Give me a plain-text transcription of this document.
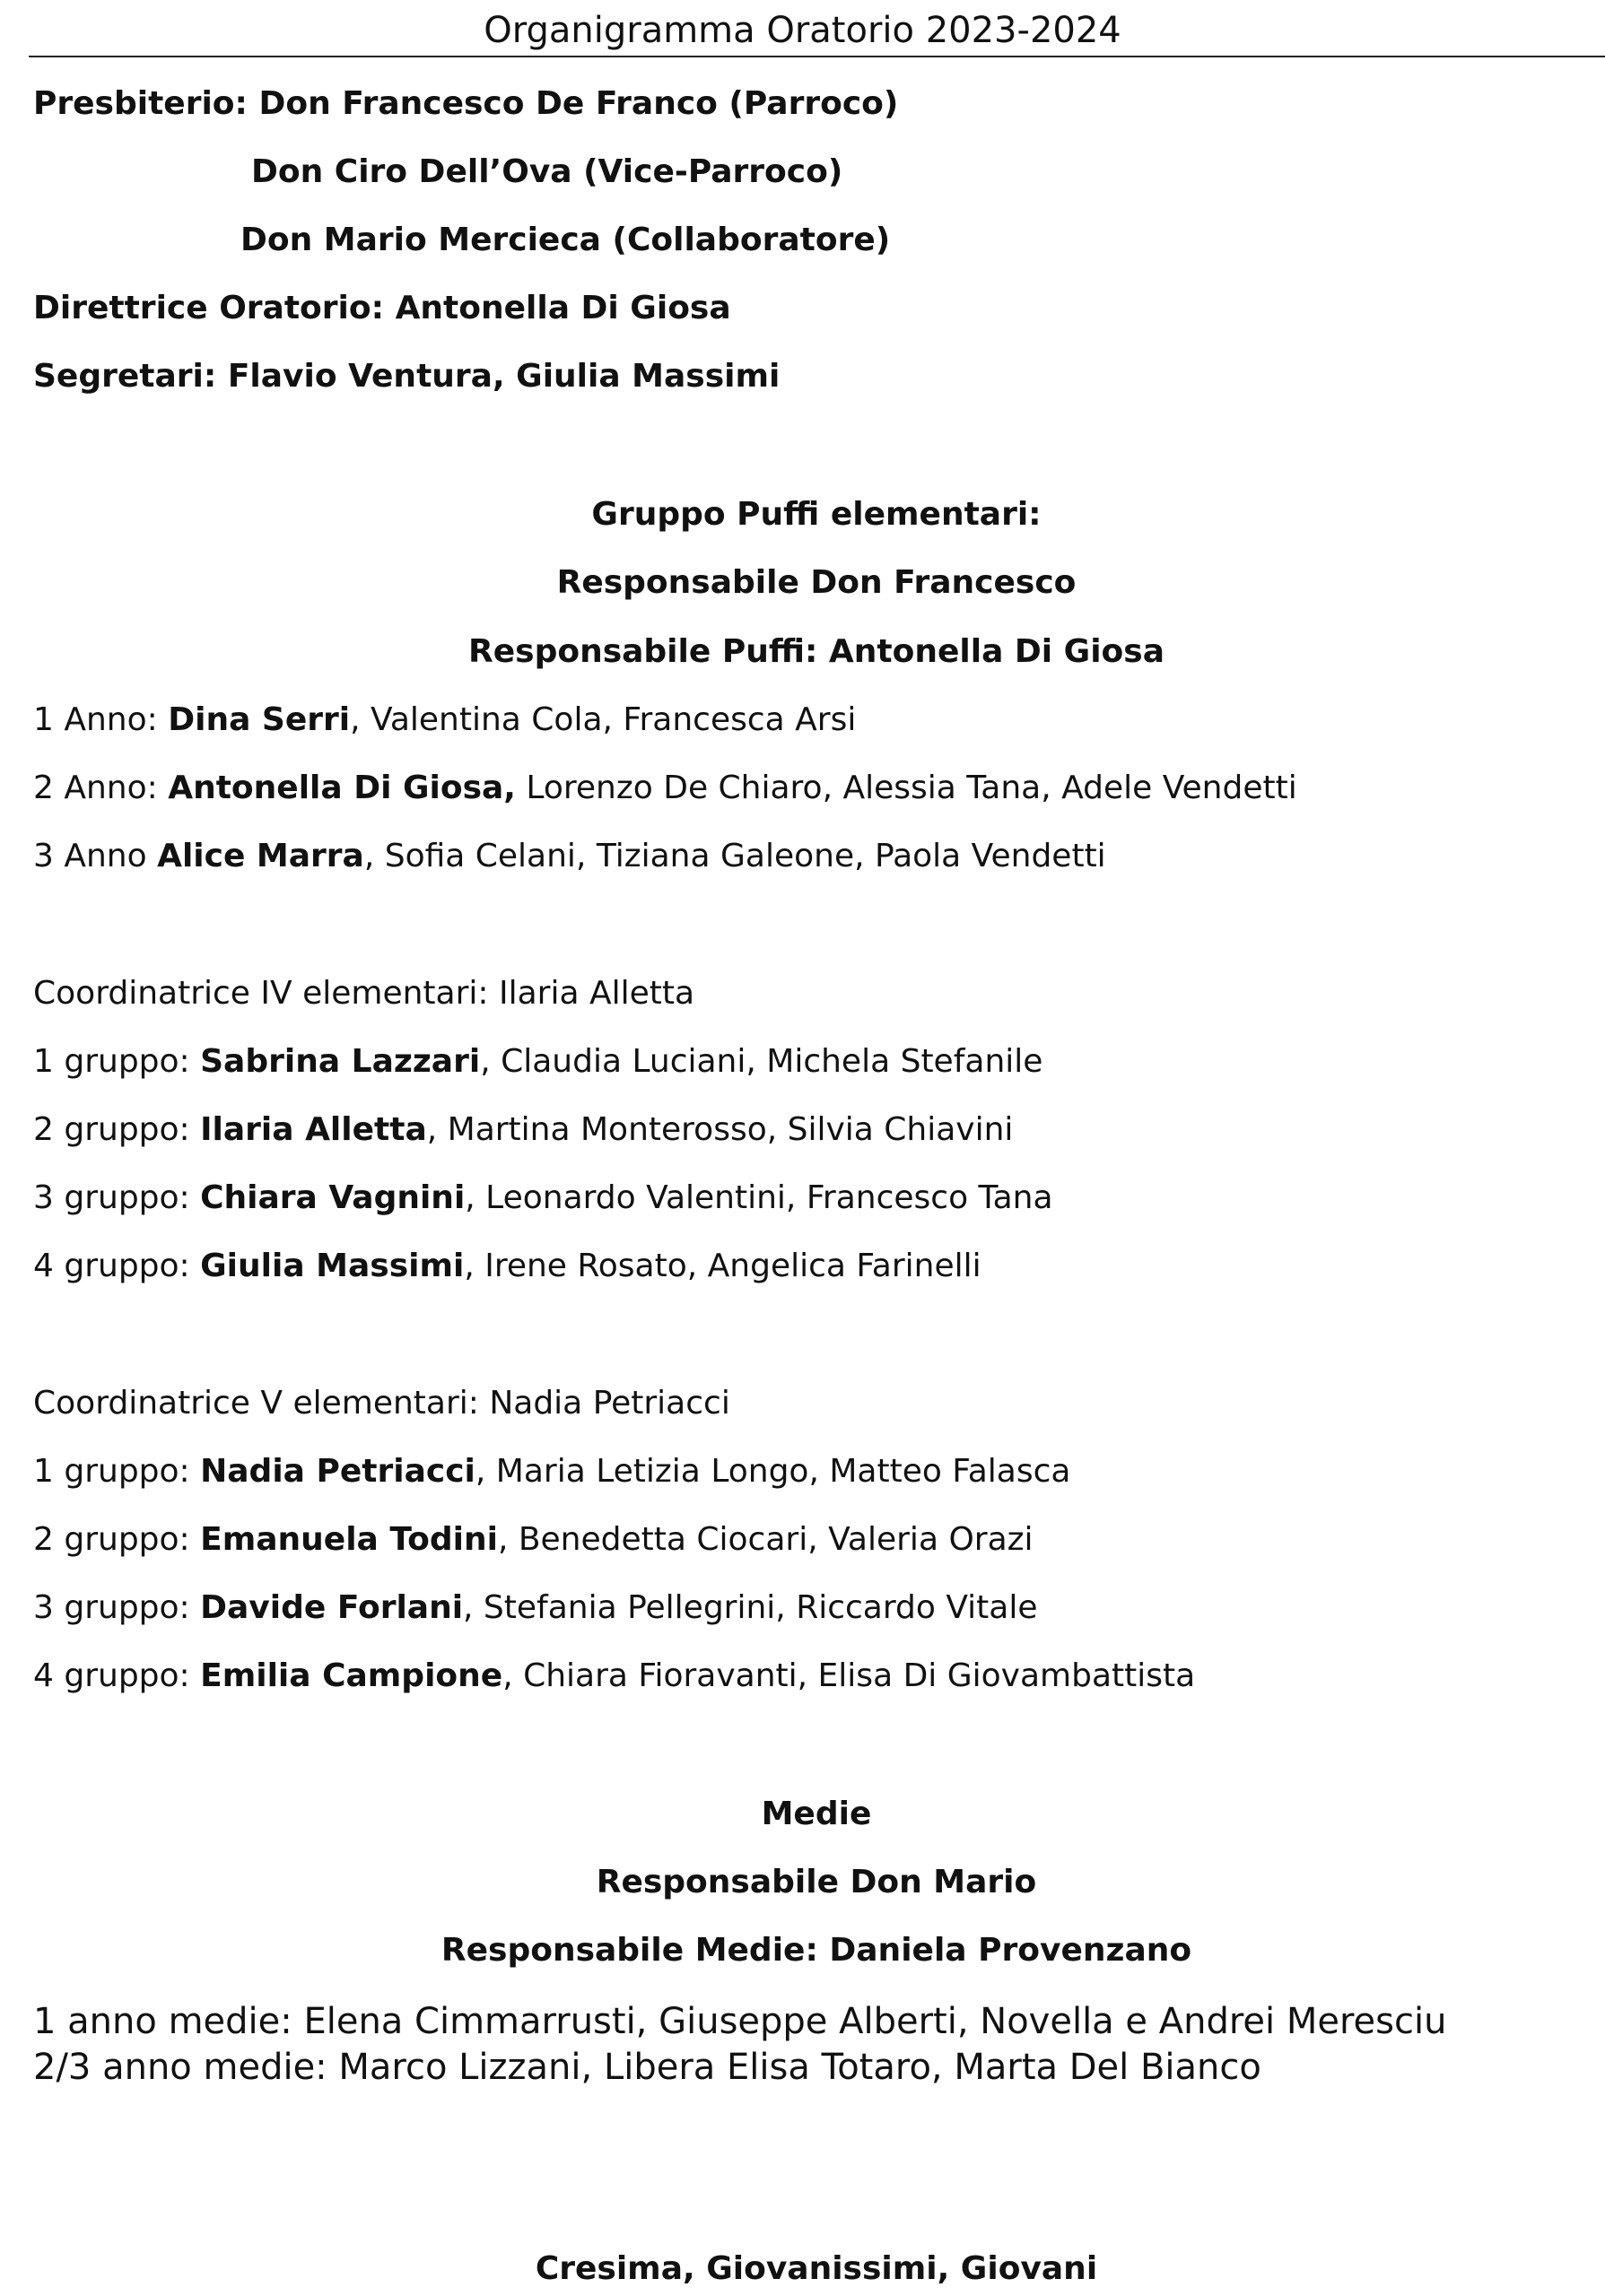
Organigramma Oratorio 2023-2024
Presbiterio: Don Francesco De Franco (Parroco)
Don Ciro Dell’Ova (Vice-Parroco)
Don Mario Mercieca (Collaboratore)
Direttrice Oratorio: Antonella Di Giosa
Segretari: Flavio Ventura, Giulia Massimi
Gruppo Puffi elementari:
Responsabile Don Francesco
Responsabile Puffi: Antonella Di Giosa
1 Anno: Dina Serri, Valentina Cola, Francesca Arsi
2 Anno: Antonella Di Giosa, Lorenzo De Chiaro, Alessia Tana, Adele Vendetti
3 Anno Alice Marra, Sofia Celani, Tiziana Galeone, Paola Vendetti
Coordinatrice IV elementari: Ilaria Alletta
1 gruppo: Sabrina Lazzari, Claudia Luciani, Michela Stefanile
2 gruppo: Ilaria Alletta, Martina Monterosso, Silvia Chiavini
3 gruppo: Chiara Vagnini, Leonardo Valentini, Francesco Tana
4 gruppo: Giulia Massimi, Irene Rosato, Angelica Farinelli
Coordinatrice V elementari: Nadia Petriacci
1 gruppo: Nadia Petriacci, Maria Letizia Longo, Matteo Falasca
2 gruppo: Emanuela Todini, Benedetta Ciocari, Valeria Orazi
3 gruppo: Davide Forlani, Stefania Pellegrini, Riccardo Vitale
4 gruppo: Emilia Campione, Chiara Fioravanti, Elisa Di Giovambattista
Medie
Responsabile Don Mario
Responsabile Medie: Daniela Provenzano
1 anno medie: Elena Cimmarrusti, Giuseppe Alberti, Novella e Andrei Meresciu
2/3 anno medie: Marco Lizzani, Libera Elisa Totaro, Marta Del Bianco
Cresima, Giovanissimi, Giovani
